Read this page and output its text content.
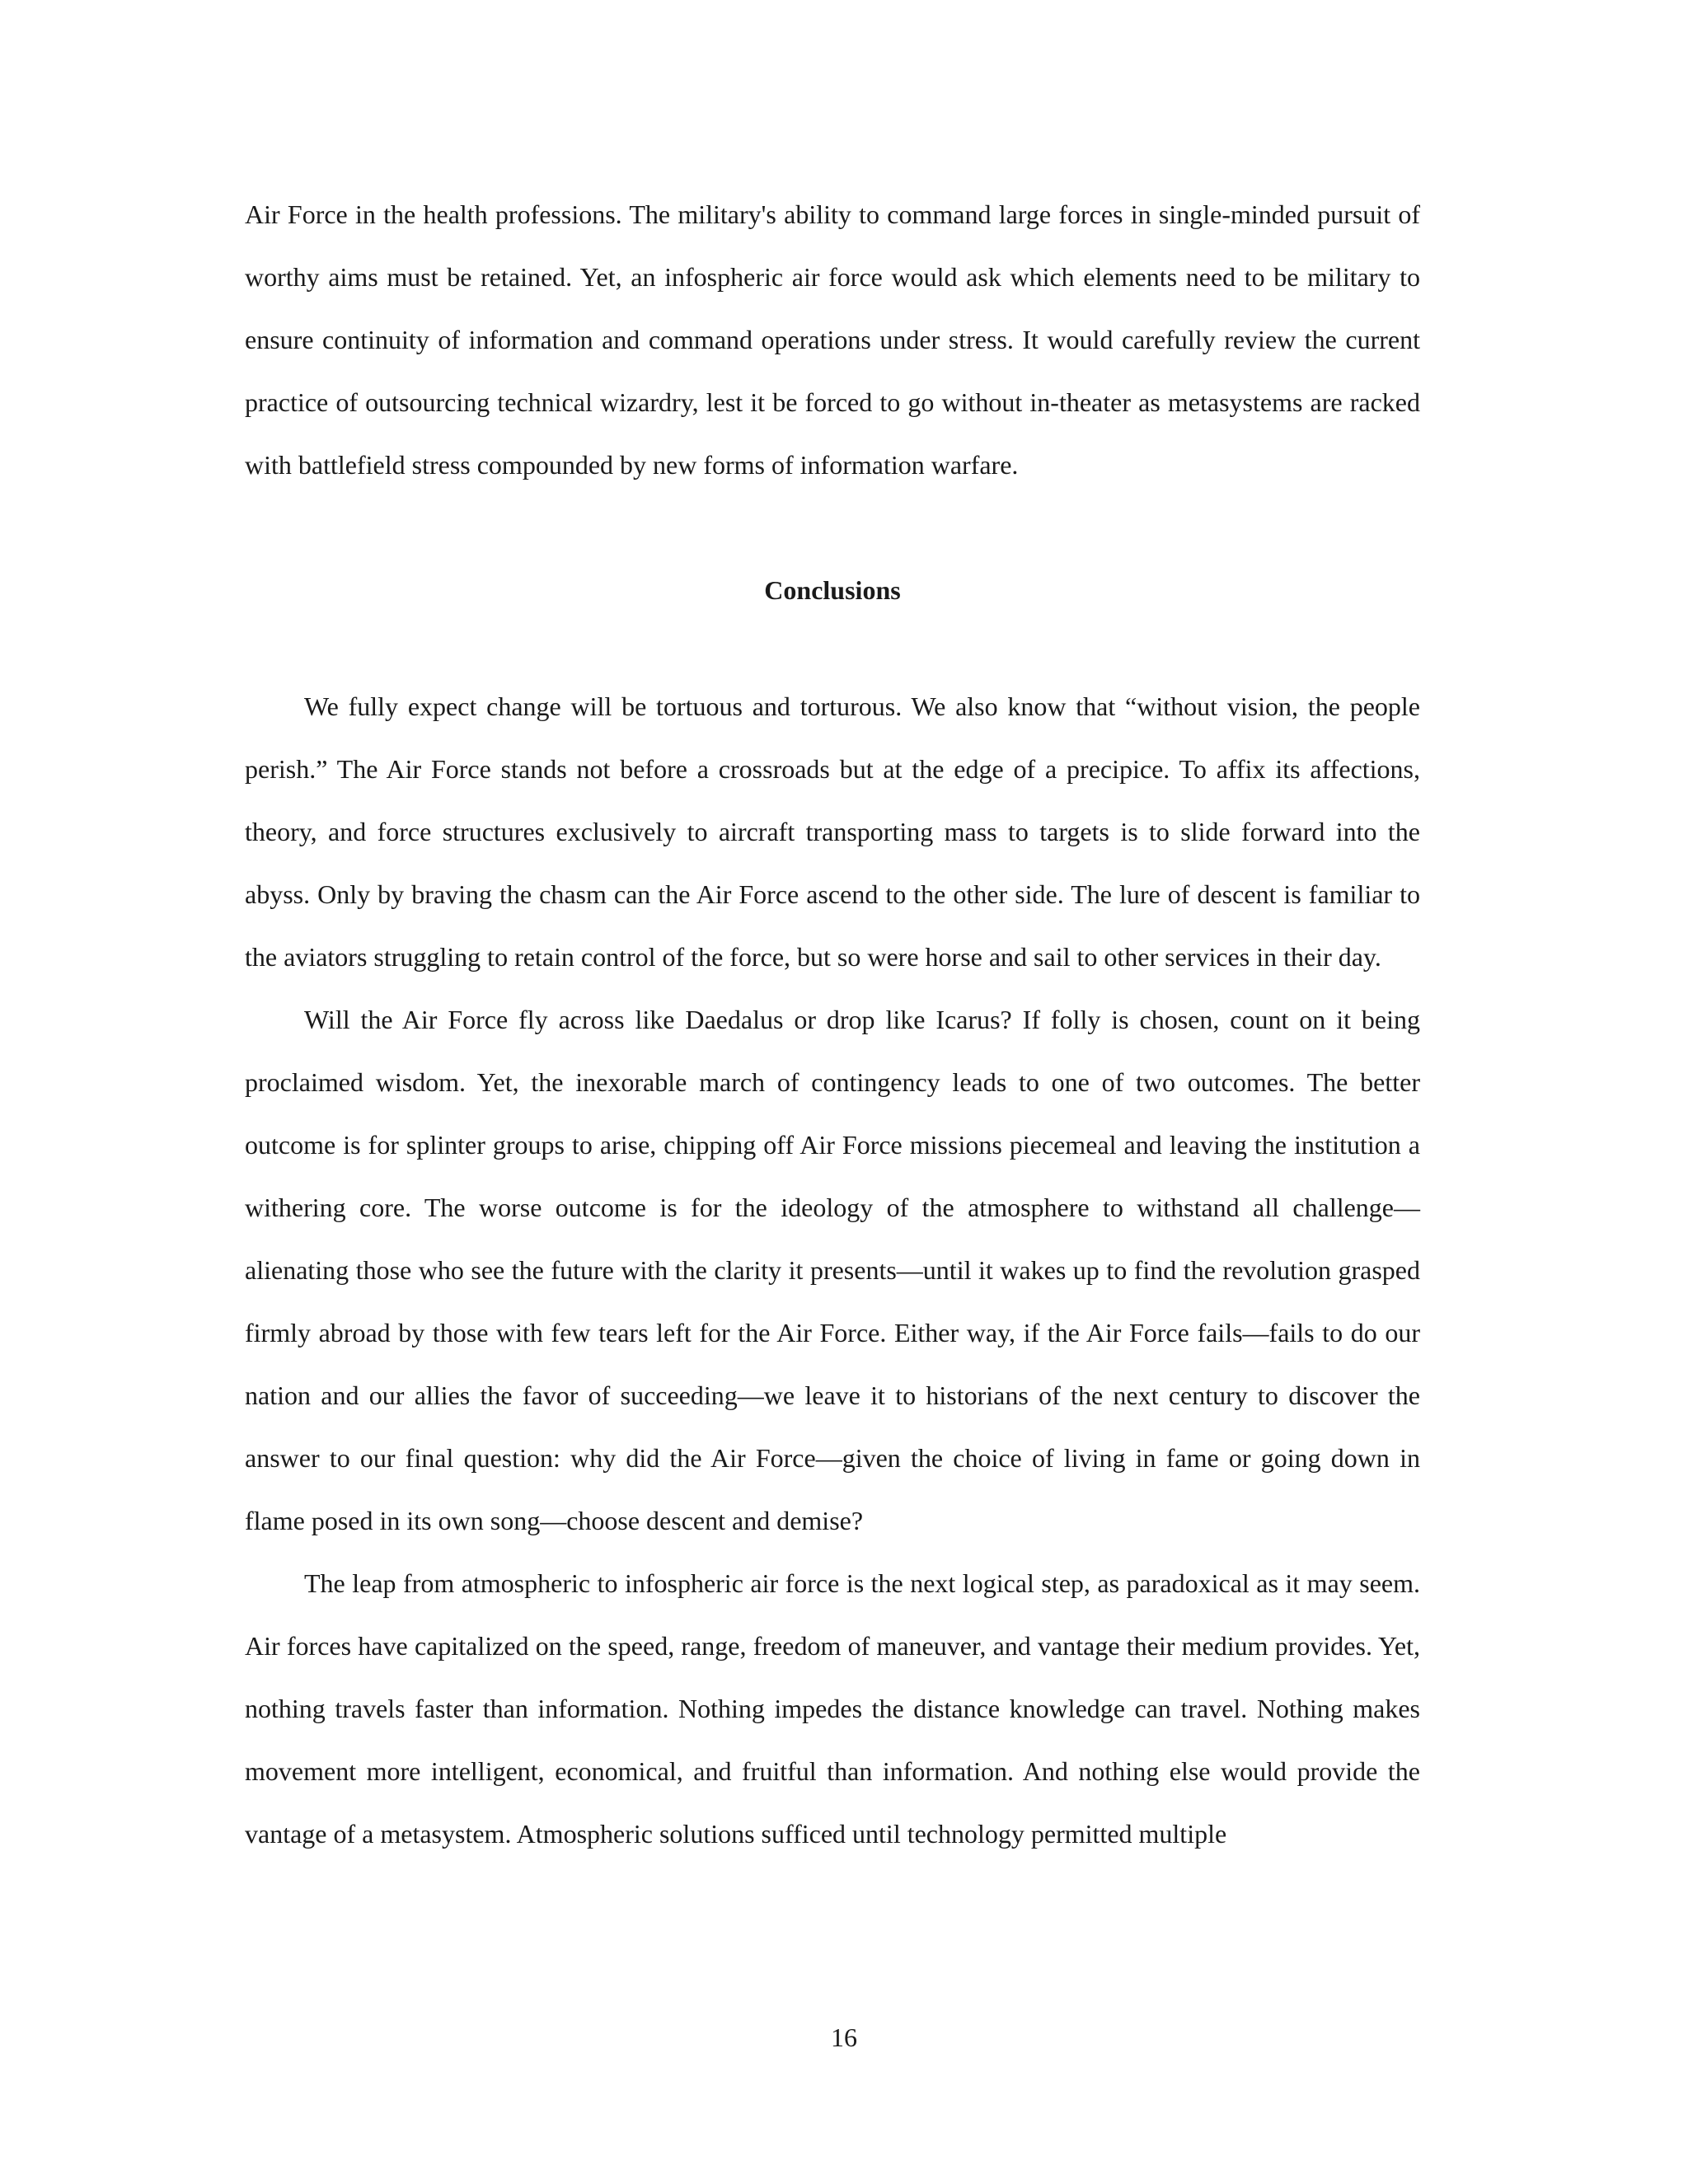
Air Force in the health professions. The military's ability to command large forces in single-minded pursuit of worthy aims must be retained. Yet, an infospheric air force would ask which elements need to be military to ensure continuity of information and command operations under stress. It would carefully review the current practice of outsourcing technical wizardry, lest it be forced to go without in-theater as metasystems are racked with battlefield stress compounded by new forms of information warfare.

Conclusions

We fully expect change will be tortuous and torturous. We also know that “without vision, the people perish.” The Air Force stands not before a crossroads but at the edge of a precipice. To affix its affections, theory, and force structures exclusively to aircraft transporting mass to targets is to slide forward into the abyss. Only by braving the chasm can the Air Force ascend to the other side. The lure of descent is familiar to the aviators struggling to retain control of the force, but so were horse and sail to other services in their day.

Will the Air Force fly across like Daedalus or drop like Icarus? If folly is chosen, count on it being proclaimed wisdom. Yet, the inexorable march of contingency leads to one of two outcomes. The better outcome is for splinter groups to arise, chipping off Air Force missions piecemeal and leaving the institution a withering core. The worse outcome is for the ideology of the atmosphere to withstand all challenge—alienating those who see the future with the clarity it presents—until it wakes up to find the revolution grasped firmly abroad by those with few tears left for the Air Force. Either way, if the Air Force fails—fails to do our nation and our allies the favor of succeeding—we leave it to historians of the next century to discover the answer to our final question: why did the Air Force—given the choice of living in fame or going down in flame posed in its own song—choose descent and demise?

The leap from atmospheric to infospheric air force is the next logical step, as paradoxical as it may seem. Air forces have capitalized on the speed, range, freedom of maneuver, and vantage their medium provides. Yet, nothing travels faster than information. Nothing impedes the distance knowledge can travel. Nothing makes movement more intelligent, economical, and fruitful than information. And nothing else would provide the vantage of a metasystem. Atmospheric solutions sufficed until technology permitted multiple

16
